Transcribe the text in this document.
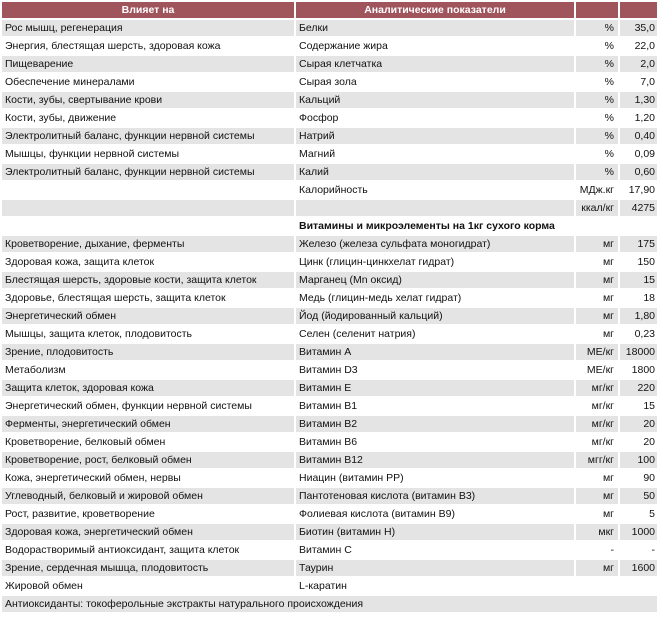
Влияет на	Аналитические показатели		
Рос мышц, регенерация	Белки	%	35,0
Энергия, блестящая шерсть, здоровая кожа	Содержание жира	%	22,0
Пищеварение	Сырая клетчатка	%	2,0
Обеспечение минералами	Сырая зола	%	7,0
Кости, зубы, свертывание крови	Кальций	%	1,30
Кости, зубы, движение	Фосфор	%	1,20
Электролитный баланс, функции нервной системы	Натрий	%	0,40
Мышцы, функции нервной системы	Магний	%	0,09
Электролитный баланс, функции нервной системы	Калий	%	0,60
	Калорийность	МДж.кг	17,90
		ккал/кг	4275
	Витамины и микроэлементы на 1кг сухого корма		
Кроветворение, дыхание, ферменты	Железо (железа сульфата моногидрат)	мг	175
Здоровая кожа, защита клеток	Цинк (глицин-цинкхелат гидрат)	мг	150
Блестящая шерсть, здоровые кости, защита клеток	Марганец (Mn оксид)	мг	15
Здоровье, блестящая шерсть, защита клеток	Медь (глицин-медь хелат гидрат)	мг	18
Энергетический обмен	Йод (йодированный кальций)	мг	1,80
Мышцы, защита клеток, плодовитость	Селен (селенит натрия)	мг	0,23
Зрение, плодовитость	Витамин А	МЕ/кг	18000
Метаболизм	Витамин D3	МЕ/кг	1800
Защита клеток, здоровая кожа	Витамин Е	мг/кг	220
Энергетический обмен, функции нервной системы	Витамин В1	мг/кг	15
Ферменты, энергетический обмен	Витамин В2	мг/кг	20
Кроветворение, белковый обмен	Витамин В6	мг/кг	20
Кроветворение, рост, белковый обмен	Витамин В12	мгг/кг	100
Кожа, энергетический обмен, нервы	Ниацин (витамин РР)	мг	90
Углеводный, белковый и жировой обмен	Пантотеновая кислота (витамин В3)	мг	50
Рост, развитие, кроветворение	Фолиевая кислота (витамин В9)	мг	5
Здоровая кожа, энергетический обмен	Биотин (витамин Н)	мкг	1000
Водорастворимый антиоксидант, защита клеток	Витамин С	-	-
Зрение, сердечная мышца, плодовитость	Таурин	мг	1600
Жировой обмен	L-каратин		
Антиоксиданты: токоферольные экстракты натурального происхождения			
